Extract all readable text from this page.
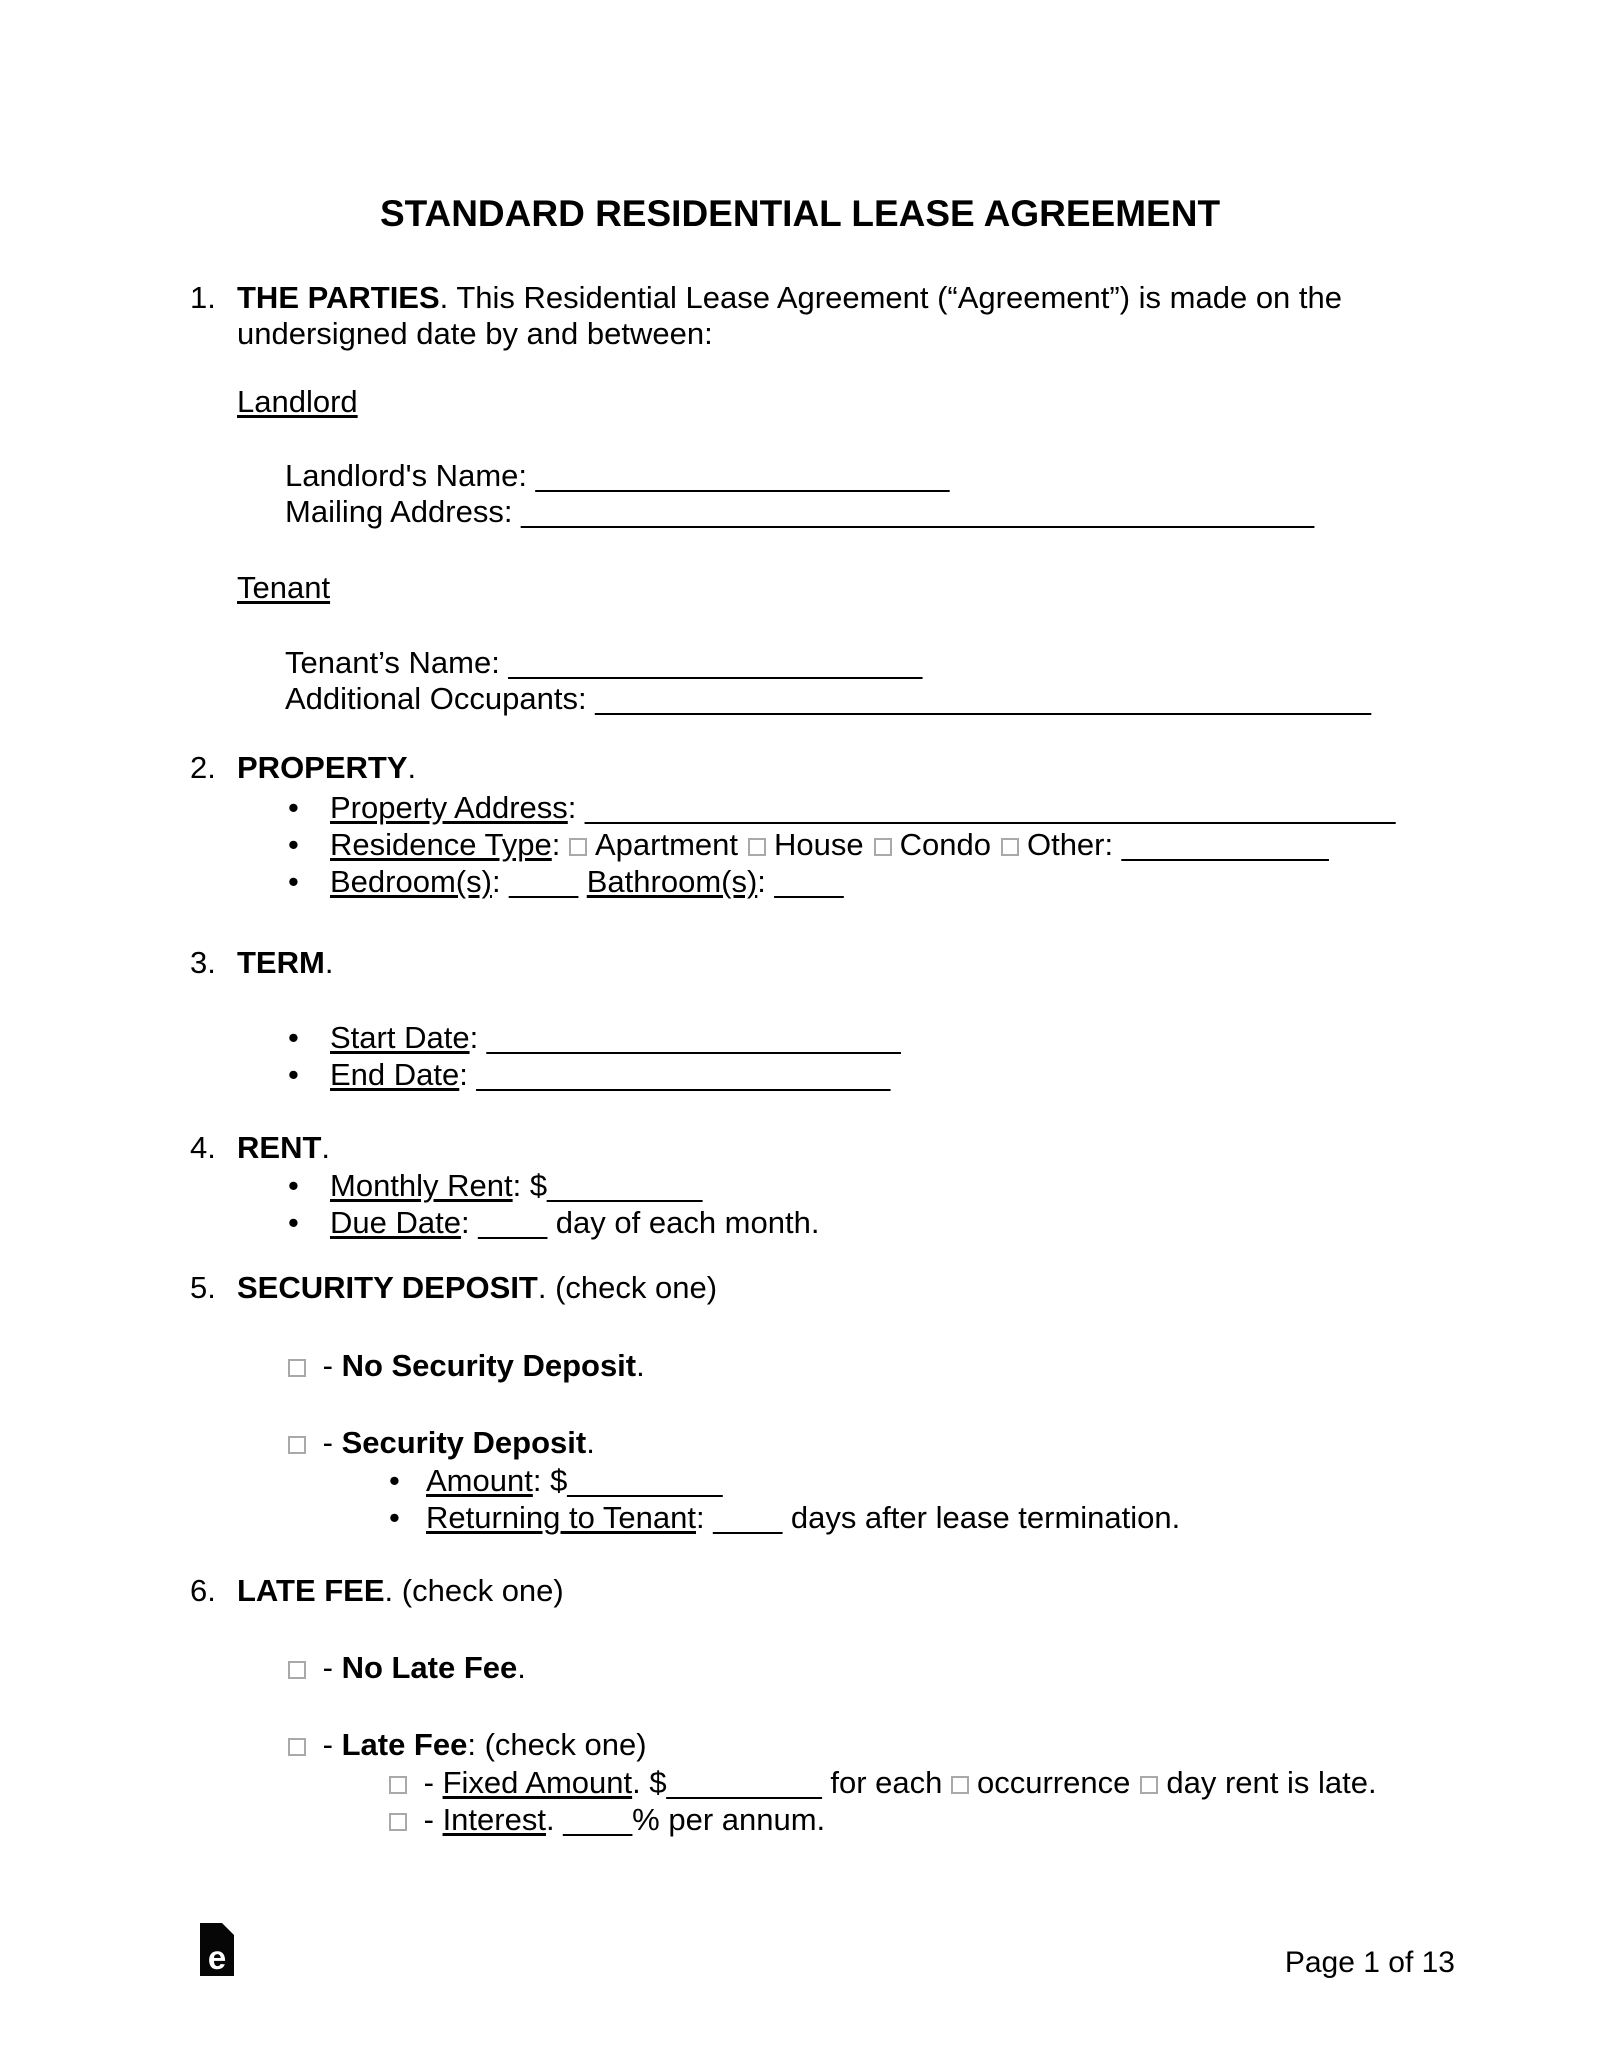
STANDARD RESIDENTIAL LEASE AGREEMENT
1. THE PARTIES. This Residential Lease Agreement (“Agreement”) is made on the undersigned date by and between:
Landlord
Landlord's Name: ________________________
Mailing Address: ______________________________________________
Tenant
Tenant’s Name: ________________________
Additional Occupants: _____________________________________________
2. PROPERTY.
• Property Address: _______________________________________________
• Residence Type: Apartment House Condo Other: ____________
• Bedroom(s): ____ Bathroom(s): ____
3. TERM.
• Start Date: ________________________
• End Date: ________________________
4. RENT.
• Monthly Rent: $_________
• Due Date: ____ day of each month.
5. SECURITY DEPOSIT. (check one)
- No Security Deposit.
- Security Deposit.
• Amount: $_________
• Returning to Tenant: ____ days after lease termination.
6. LATE FEE. (check one)
- No Late Fee.
- Late Fee: (check one)
- Fixed Amount. $_________ for each occurrence day rent is late.
- Interest. ____% per annum.
e	Page 1 of 13
